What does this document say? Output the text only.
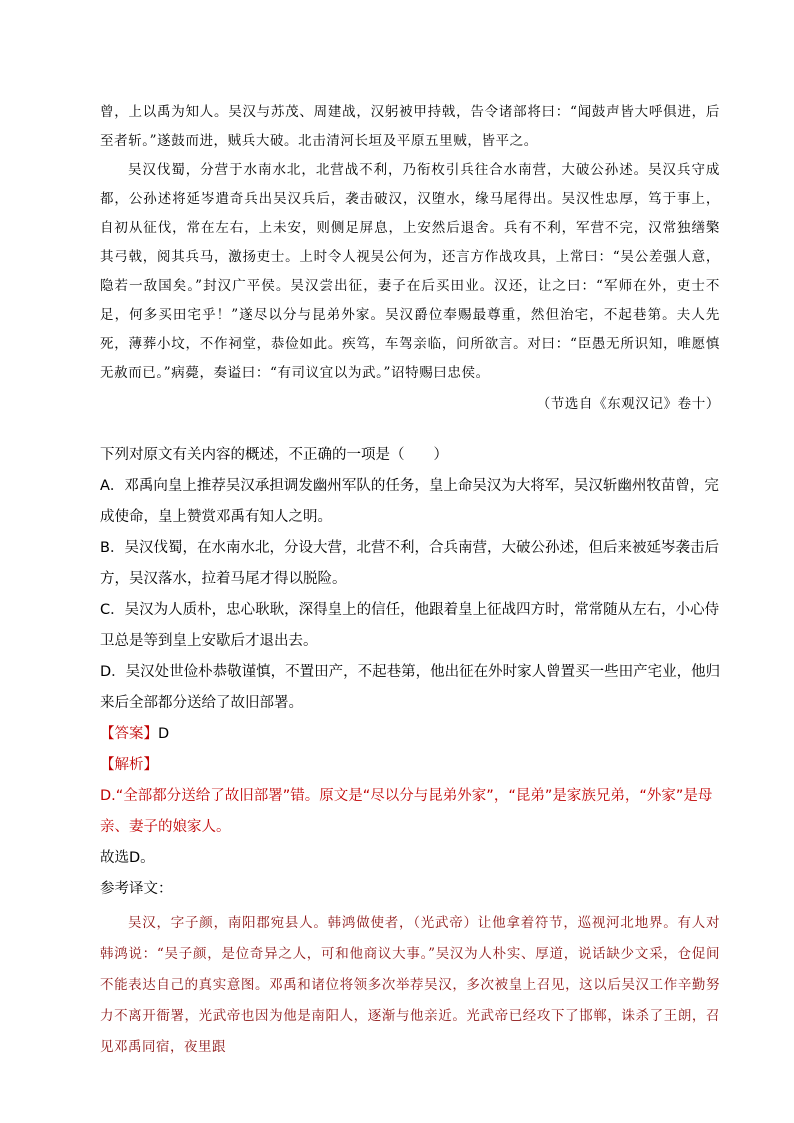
曾，上以禹为知人。吴汉与苏茂、周建战，汉躬被甲持戟，告令诸部将曰：“闻鼓声皆大呼俱进，后至者斩。”遂鼓而进，贼兵大破。北击清河长垣及平原五里贼，皆平之。

吴汉伐蜀，分营于水南水北，北营战不利，乃衔枚引兵往合水南营，大破公孙述。吴汉兵守成都，公孙述将延岑遣奇兵出吴汉兵后，袭击破汉，汉堕水，缘马尾得出。吴汉性忠厚，笃于事上，自初从征伐，常在左右，上未安，则侧足屏息，上安然后退舍。兵有不利，军营不完，汉常独缮檠其弓戟，阅其兵马，激扬吏士。上时令人视吴公何为，还言方作战攻具，上常曰：“吴公差强人意，隐若一敌国矣。”封汉广平侯。吴汉尝出征，妻子在后买田业。汉还，让之曰：“军师在外，吏士不足，何多买田宅乎！”遂尽以分与昆弟外家。吴汉爵位奉赐最尊重，然但治宅，不起巷第。夫人先死，薄葬小坟，不作祠堂，恭俭如此。疾笃，车驾亲临，问所欲言。对曰：“臣愚无所识知，唯愿慎无赦而已。”病薨，奏谥曰：“有司议宜以为武。”诏特赐曰忠侯。

（节选自《东观汉记》卷十）

下列对原文有关内容的概述，不正确的一项是（　　）

A．邓禹向皇上推荐吴汉承担调发幽州军队的任务，皇上命吴汉为大将军，吴汉斩幽州牧苗曾，完成使命，皇上赞赏邓禹有知人之明。

B．吴汉伐蜀，在水南水北，分设大营，北营不利，合兵南营，大破公孙述，但后来被延岑袭击后方，吴汉落水，拉着马尾才得以脱险。

C．吴汉为人质朴，忠心耿耿，深得皇上的信任，他跟着皇上征战四方时，常常随从左右，小心侍卫总是等到皇上安歇后才退出去。

D．吴汉处世俭朴恭敬谨慎，不置田产，不起巷第，他出征在外时家人曾置买一些田产宅业，他归来后全部都分送给了故旧部署。

【答案】D

【解析】

D.“全部都分送给了故旧部署”错。原文是“尽以分与昆弟外家”，“昆弟”是家族兄弟，“外家”是母亲、妻子的娘家人。

故选D。

参考译文：

吴汉，字子颜，南阳郡宛县人。韩鸿做使者，（光武帝）让他拿着符节，巡视河北地界。有人对韩鸿说：“吴子颜，是位奇异之人，可和他商议大事。”吴汉为人朴实、厚道，说话缺少文采，仓促间不能表达自己的真实意图。邓禹和诸位将领多次举荐吴汉，多次被皇上召见，这以后吴汉工作辛勤努力不离开衙署，光武帝也因为他是南阳人，逐渐与他亲近。光武帝已经攻下了邯郸，诛杀了王朗，召见邓禹同宿，夜里跟
